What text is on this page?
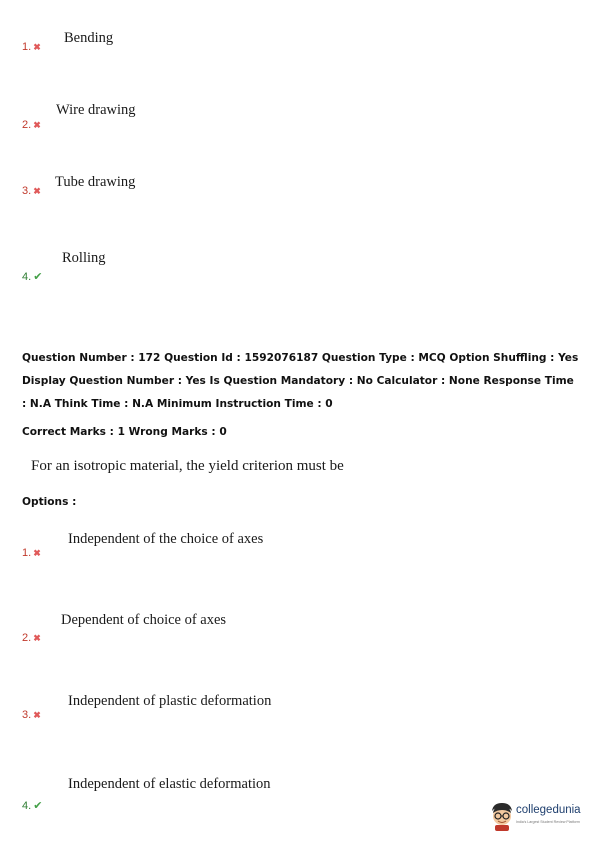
1. ✖
Bending
2. ✖
Wire drawing
3. ✖
Tube drawing
4. ✔
Rolling
Question Number : 172 Question Id : 1592076187 Question Type : MCQ Option Shuffling : Yes
Display Question Number : Yes Is Question Mandatory : No Calculator : None Response Time
: N.A Think Time : N.A Minimum Instruction Time : 0
Correct Marks : 1 Wrong Marks : 0
For an isotropic material, the yield criterion must be
Options :
1. ✖
Independent of the choice of axes
2. ✖
Dependent of choice of axes
3. ✖
Independent of plastic deformation
4. ✔
Independent of elastic deformation
collegedunia
India's Largest Student Review Platform
